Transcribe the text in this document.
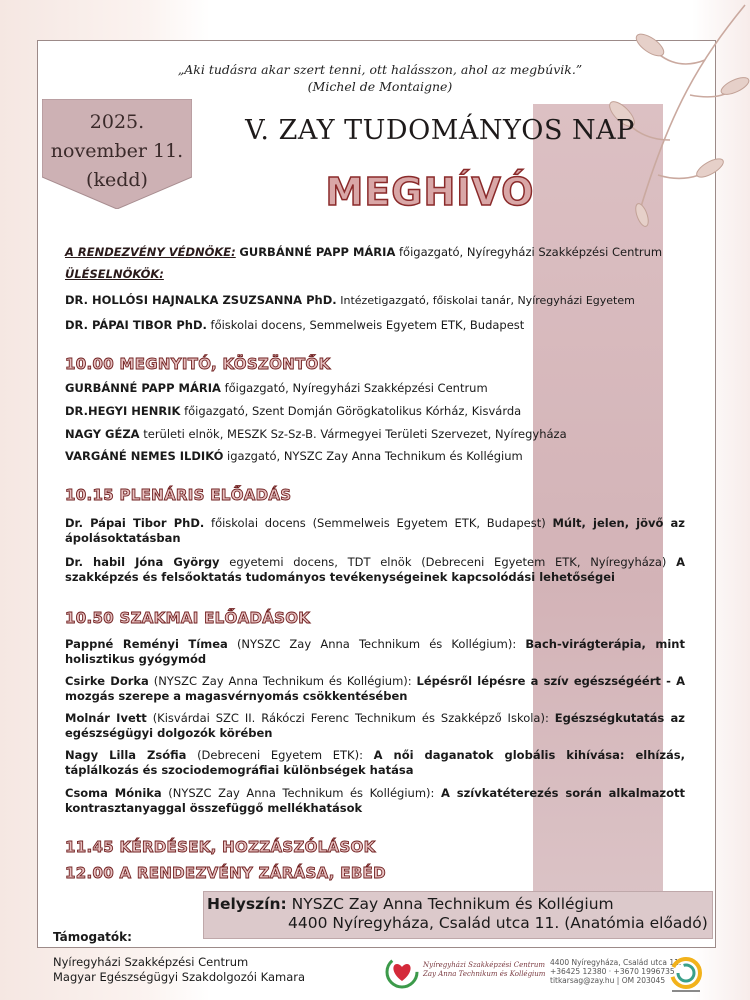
„Aki tudásra akar szert tenni, ott halásszon, ahol az megbúvik.”
(Michel de Montaigne)
2025.
november 11.
(kedd)
V. ZAY TUDOMÁNYOS NAP
MEGHÍVÓ
A RENDEZVÉNY VÉDNÖKE: GURBÁNNÉ PAPP MÁRIA főigazgató, Nyíregyházi Szakképzési Centrum
ÜLÉSELNÖKÖK:
DR. HOLLÓSI HAJNALKA ZSUZSANNA PhD. Intézetigazgató, főiskolai tanár, Nyíregyházi Egyetem
DR. PÁPAI TIBOR PhD. főiskolai docens, Semmelweis Egyetem ETK, Budapest
10.00 MEGNYITÓ, KÖSZÖNTŐK
GURBÁNNÉ PAPP MÁRIA főigazgató, Nyíregyházi Szakképzési Centrum
DR.HEGYI HENRIK főigazgató, Szent Domján Görögkatolikus Kórház, Kisvárda
NAGY GÉZA területi elnök, MESZK Sz-Sz-B. Vármegyei Területi Szervezet, Nyíregyháza
VARGÁNÉ NEMES ILDIKÓ igazgató, NYSZC Zay Anna Technikum és Kollégium
10.15 PLENÁRIS ELŐADÁS
Dr. Pápai Tibor PhD. főiskolai docens (Semmelweis Egyetem ETK, Budapest) Múlt, jelen, jövő az ápolásoktatásban
Dr. habil Jóna György egyetemi docens, TDT elnök (Debreceni Egyetem ETK, Nyíregyháza) A szakképzés és felsőoktatás tudományos tevékenységeinek kapcsolódási lehetőségei
10.50 SZAKMAI ELŐADÁSOK
Pappné Reményi Tímea (NYSZC Zay Anna Technikum és Kollégium): Bach-virágterápia, mint holisztikus gyógymód
Csirke Dorka (NYSZC Zay Anna Technikum és Kollégium): Lépésről lépésre a szív egészségéért - A mozgás szerepe a magasvérnyomás csökkentésében
Molnár Ivett (Kisvárdai SZC II. Rákóczi Ferenc Technikum és Szakképző Iskola): Egészségkutatás az egészségügyi dolgozók körében
Nagy Lilla Zsófia (Debreceni Egyetem ETK): A női daganatok globális kihívása: elhízás, táplálkozás és szociodemográfiai különbségek hatása
Csoma Mónika (NYSZC Zay Anna Technikum és Kollégium): A szívkatéterezés során alkalmazott kontrasztanyaggal összefüggő mellékhatások
11.45 KÉRDÉSEK, HOZZÁSZÓLÁSOK
12.00 A RENDEZVÉNY ZÁRÁSA, EBÉD
Helyszín: NYSZC Zay Anna Technikum és Kollégium
4400 Nyíregyháza, Család utca 11. (Anatómia előadó)
Támogatók:
Nyíregyházi Szakképzési Centrum
Magyar Egészségügyi Szakdolgozói Kamara
Nyíregyházi Szakképzési Centrum
Zay Anna Technikum és Kollégium
4400 Nyíregyháza, Család utca 11.
+36425 12380 · +3670 1996735
titkarsag@zay.hu | OM 203045
